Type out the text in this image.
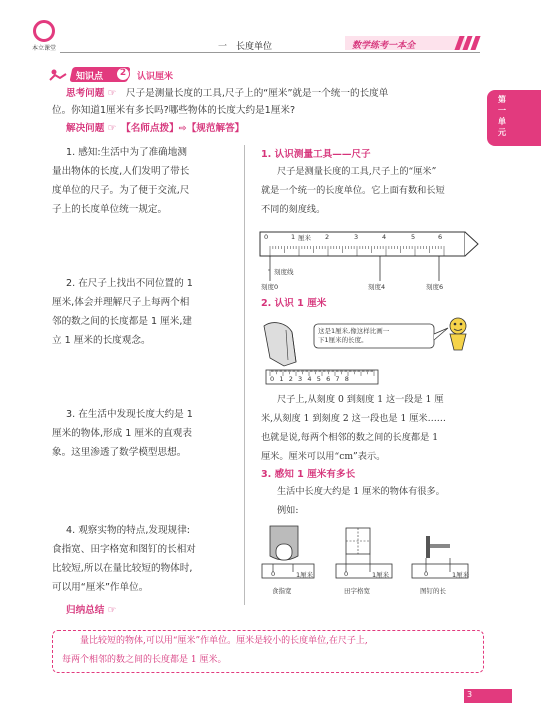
本立课堂	一　长度单位	数学练考一本全
第一单元
知识点	2	认识厘米
思考问题 ☞　尺子是测量长度的工具,尺子上的“厘米”就是一个统一的长度单
位。你知道1厘米有多长吗?哪些物体的长度大约是1厘米?
解决问题 ☞　【名师点拨】⇨【规范解答】
1. 感知:生活中为了准确地测
量出物体的长度,人们发明了带长
度单位的尺子。为了便于交流,尺
子上的长度单位统一规定。
2. 在尺子上找出不同位置的 1
厘米,体会并理解尺子上每两个相
邻的数之间的长度都是 1 厘米,建
立 1 厘米的长度观念。
3. 在生活中发现长度大约是 1
厘米的物体,形成 1 厘米的直观表
象。这里渗透了数学模型思想。
4. 观察实物的特点,发现规律:
食指宽、田字格宽和图钉的长相对
比较短,所以在量比较短的物体时,
可以用“厘米”作单位。
1. 认识测量工具——尺子
尺子是测量长度的工具,尺子上的“厘米”
就是一个统一的长度单位。它上面有数和长短
不同的刻度线。
0	1 厘米 2	3	4	5	6
刻度线
刻度0	刻度4	刻度6
2. 认识 1 厘米
这是1厘米,像这样比画一
下1厘米的长度。
012345678
尺子上,从刻度 0 到刻度 1 这一段是 1 厘
米,从刻度 1 到刻度 2 这一段也是 1 厘米……
也就是说,每两个相邻的数之间的长度都是 1
厘米。厘米可以用“cm”表示。
3. 感知 1 厘米有多长
生活中长度大约是 1 厘米的物体有很多。
例如:
0	1厘米	0	1厘米	0	1厘米
食指宽	田字格宽	图钉的长
归纳总结 ☞
　　量比较短的物体,可以用“厘米”作单位。厘米是较小的长度单位,在尺子上,
每两个相邻的数之间的长度都是 1 厘米。
3
